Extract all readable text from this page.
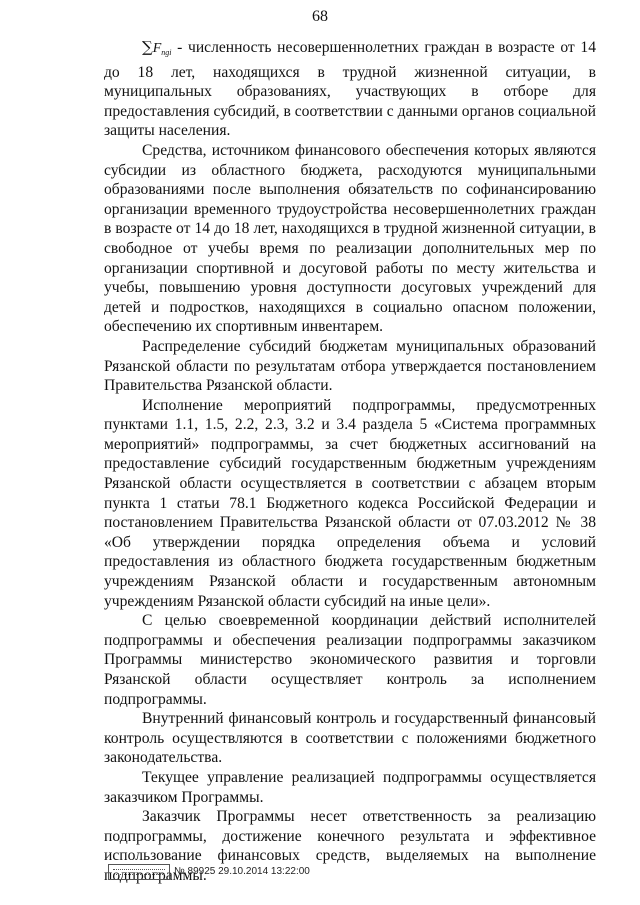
68

∑Fngi - численность несовершеннолетних граждан в возрасте от 14 до 18 лет, находящихся в трудной жизненной ситуации, в муниципальных образованиях, участвующих в отборе для предоставления субсидий, в соответствии с данными органов социальной защиты населения.

Средства, источником финансового обеспечения которых являются субсидии из областного бюджета, расходуются муниципальными образованиями после выполнения обязательств по софинансированию организации временного трудоустройства несовершеннолетних граждан в возрасте от 14 до 18 лет, находящихся в трудной жизненной ситуации, в свободное от учебы время по реализации дополнительных мер по организации спортивной и досуговой работы по месту жительства и учебы, повышению уровня доступности досуговых учреждений для детей и подростков, находящихся в социально опасном положении, обеспечению их спортивным инвентарем.

Распределение субсидий бюджетам муниципальных образований Рязанской области по результатам отбора утверждается постановлением Правительства Рязанской области.

Исполнение мероприятий подпрограммы, предусмотренных пунктами 1.1, 1.5, 2.2, 2.3, 3.2 и 3.4 раздела 5 «Система программных мероприятий» подпрограммы, за счет бюджетных ассигнований на предоставление субсидий государственным бюджетным учреждениям Рязанской области осуществляется в соответствии с абзацем вторым пункта 1 статьи 78.1 Бюджетного кодекса Российской Федерации и постановлением Правительства Рязанской области от 07.03.2012 № 38 «Об утверждении порядка определения объема и условий предоставления из областного бюджета государственным бюджетным учреждениям Рязанской области и государственным автономным учреждениям Рязанской области субсидий на иные цели».

С целью своевременной координации действий исполнителей подпрограммы и обеспечения реализации подпрограммы заказчиком Программы министерство экономического развития и торговли Рязанской области осуществляет контроль за исполнением подпрограммы.

Внутренний финансовый контроль и государственный финансовый контроль осуществляются в соответствии с положениями бюджетного законодательства.

Текущее управление реализацией подпрограммы осуществляется заказчиком Программы.

Заказчик Программы несет ответственность за реализацию подпрограммы, достижение конечного результата и эффективное использование финансовых средств, выделяемых на выполнение подпрограммы.

№ 89925 29.10.2014 13:22:00
